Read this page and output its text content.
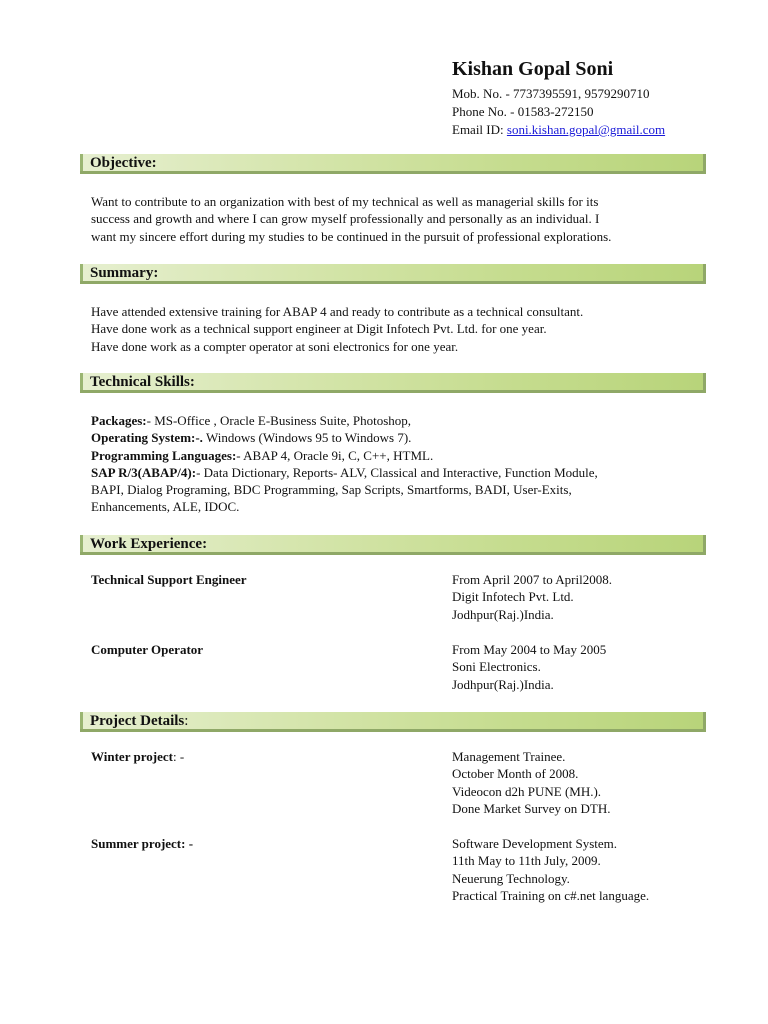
Kishan Gopal Soni
Mob. No. - 7737395591, 9579290710
Phone No. - 01583-272150
Email ID: soni.kishan.gopal@gmail.com
Objective:

Want to contribute to an organization with best of my technical as well as managerial skills for its

success and growth and where I can grow myself professionally and personally as an individual. I

want my sincere effort during my studies to be continued in the pursuit of professional explorations.

Summary:

Have attended extensive training for ABAP 4 and ready to contribute as a technical consultant.

Have done work as a technical support engineer at Digit Infotech Pvt. Ltd. for one year.

Have done work as a compter operator at soni electronics for one year.

Technical Skills:

Packages:- MS-Office , Oracle E-Business Suite, Photoshop,

Operating System:-. Windows (Windows 95 to Windows 7).

Programming Languages:- ABAP 4, Oracle 9i, C, C++, HTML.

SAP R/3(ABAP/4):- Data Dictionary, Reports- ALV, Classical and Interactive, Function Module,

BAPI, Dialog Programing, BDC Programming, Sap Scripts, Smartforms, BADI, User-Exits,

Enhancements, ALE, IDOC.

Work Experience:
Technical Support Engineer	From April 2007 to April2008.
Digit Infotech Pvt. Ltd.
Jodhpur(Raj.)India.
Computer Operator	From May 2004 to May 2005
Soni Electronics.
Jodhpur(Raj.)India.
Project Details:
Winter project: -	Management Trainee.
October Month of 2008.
Videocon d2h PUNE (MH.).
Done Market Survey on DTH.
Summer project: -	Software Development System.
11th May to 11th July, 2009.
Neuerung Technology.
Practical Training on c#.net language.
